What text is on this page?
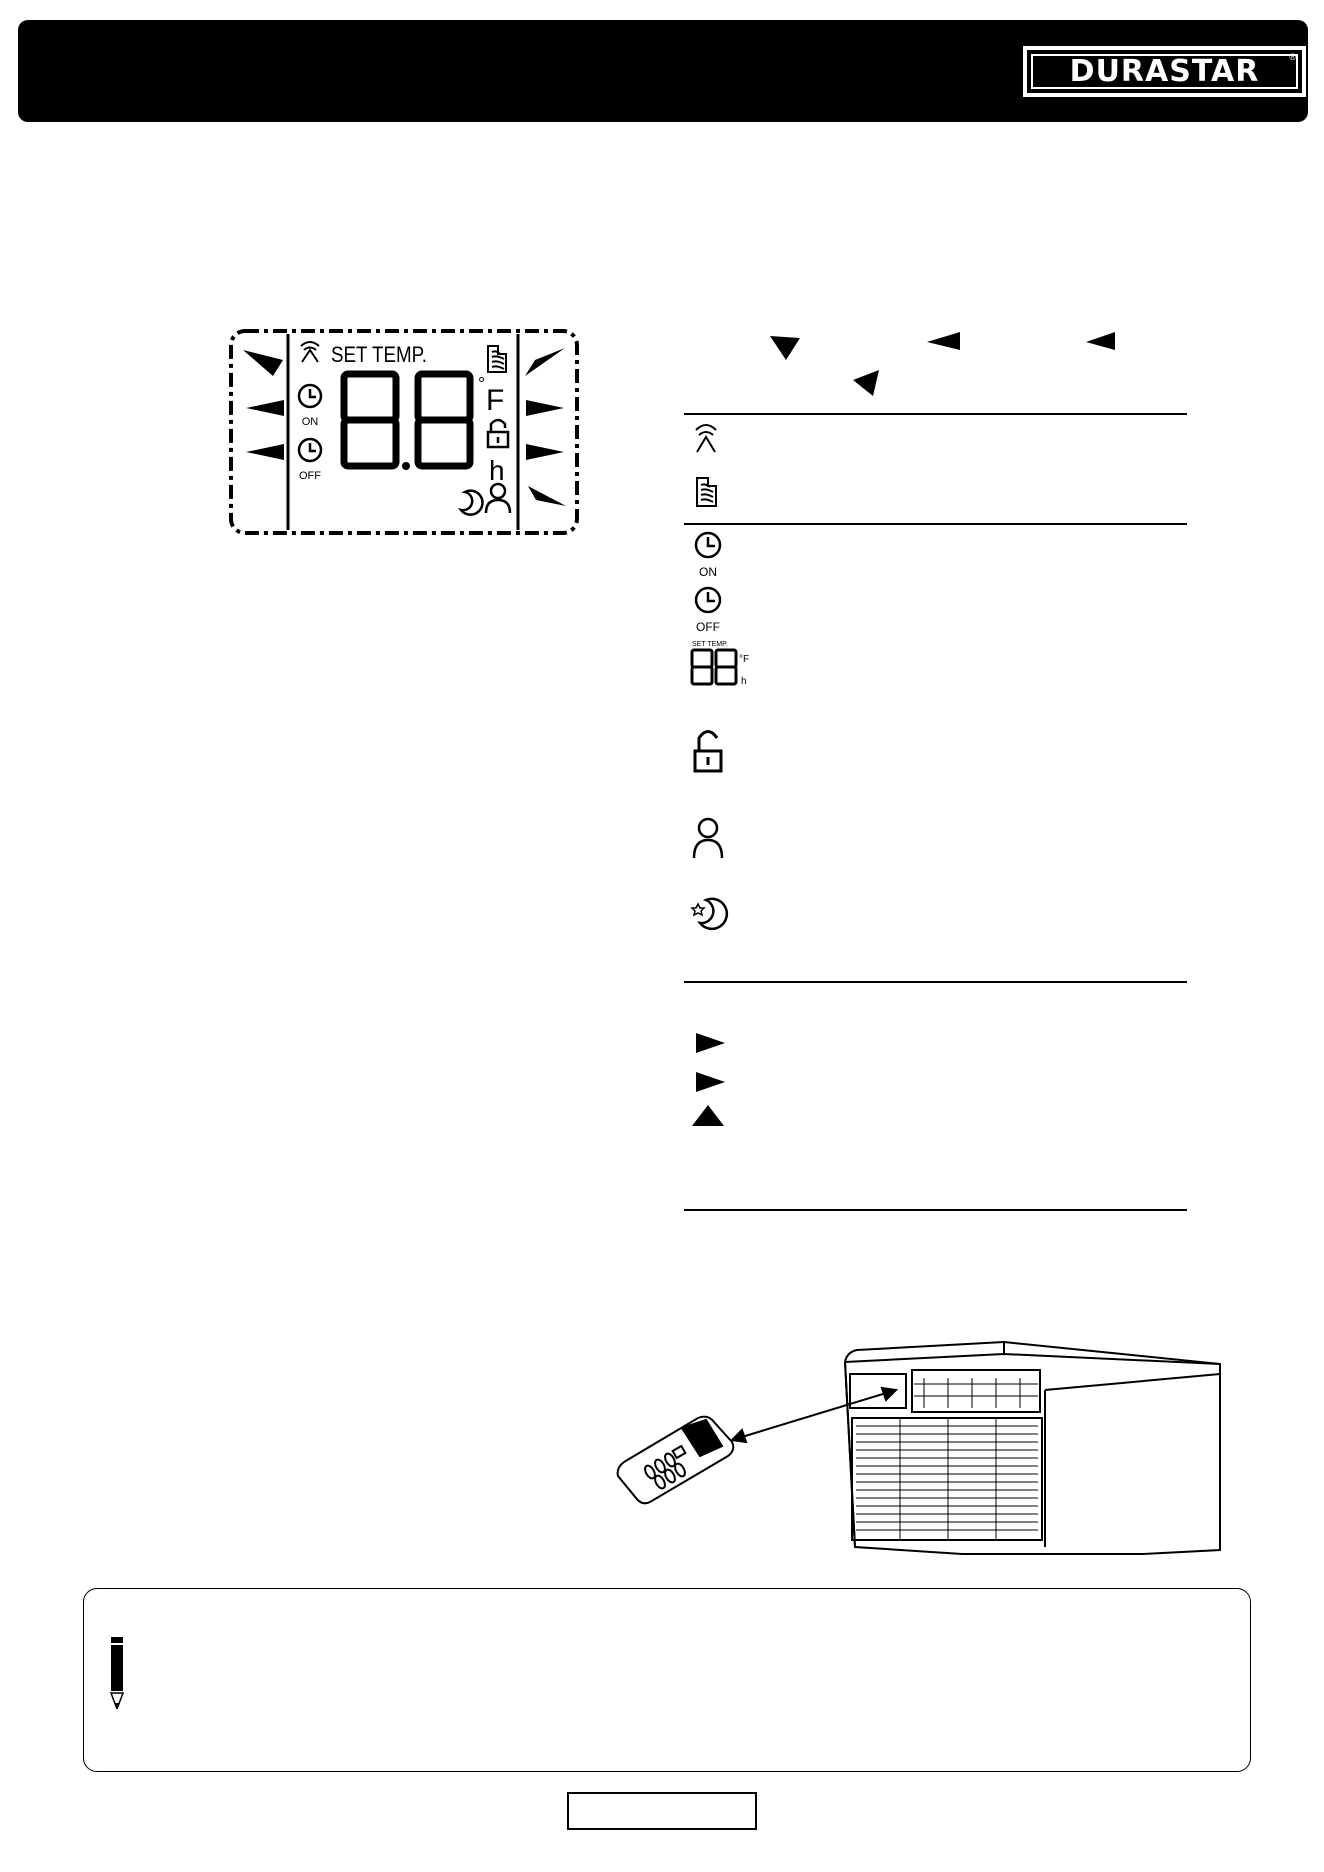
DURASTAR	®
ON
OFF
SET TEMP.
° F
h
ON
OFF
SET TEMP.
°F
h
